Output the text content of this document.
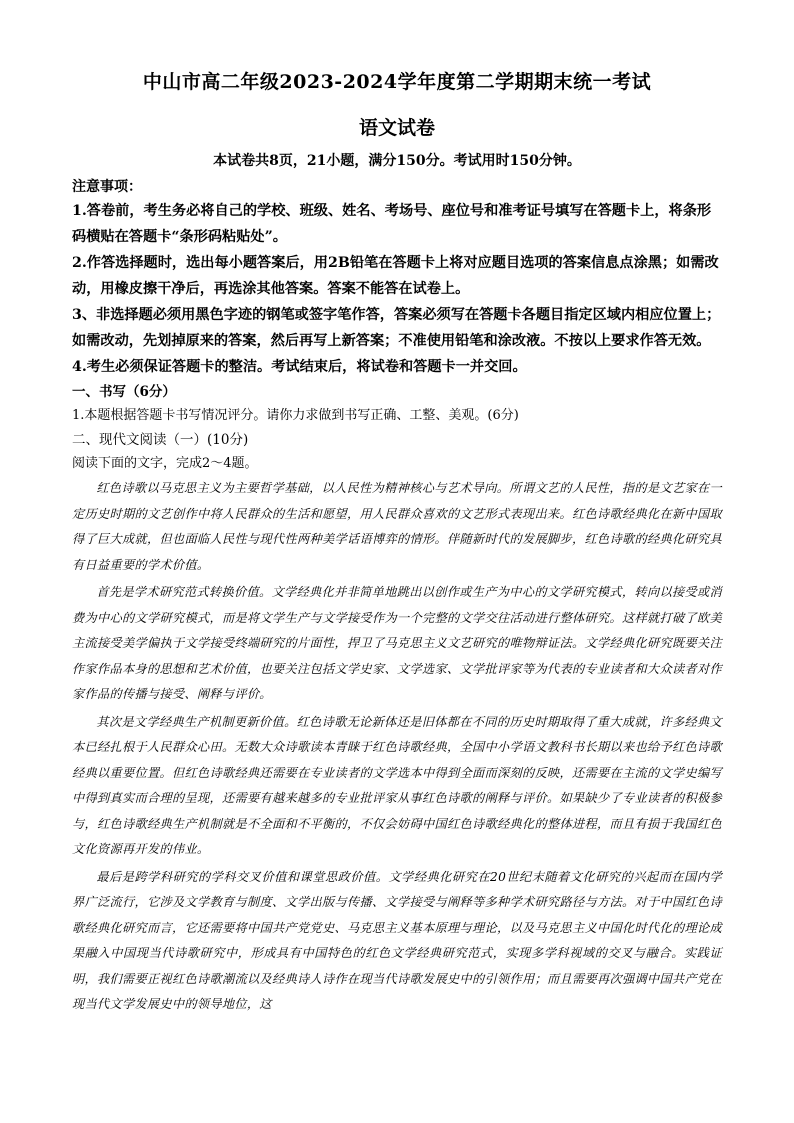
中山市高二年级2023-2024学年度第二学期期末统一考试
语文试卷
本试卷共8页，21小题，满分150分。考试用时150分钟。
注意事项：

1.答卷前，考生务必将自己的学校、班级、姓名、考场号、座位号和准考证号填写在答题卡上，将条形码横贴在答题卡“条形码粘贴处”。

2.作答选择题时，选出每小题答案后，用2B铅笔在答题卡上将对应题目选项的答案信息点涂黑；如需改动，用橡皮擦干净后，再选涂其他答案。答案不能答在试卷上。

3、非选择题必须用黑色字迹的钢笔或签字笔作答，答案必须写在答题卡各题目指定区域内相应位置上；如需改动，先划掉原来的答案，然后再写上新答案；不准使用铅笔和涂改液。不按以上要求作答无效。

4.考生必须保证答题卡的整洁。考试结束后，将试卷和答题卡一并交回。

一、书写（6分）

1.本题根据答题卡书写情况评分。请你力求做到书写正确、工整、美观。(6分)

二、现代文阅读（一）(10分)

阅读下面的文字，完成2～4题。

红色诗歌以马克思主义为主要哲学基础，以人民性为精神核心与艺术导向。所谓文艺的人民性，指的是文艺家在一定历史时期的文艺创作中将人民群众的生活和愿望，用人民群众喜欢的文艺形式表现出来。红色诗歌经典化在新中国取得了巨大成就，但也面临人民性与现代性两种美学话语博弈的情形。伴随新时代的发展脚步，红色诗歌的经典化研究具有日益重要的学术价值。

首先是学术研究范式转换价值。文学经典化并非简单地跳出以创作或生产为中心的文学研究模式，转向以接受或消费为中心的文学研究模式，而是将文学生产与文学接受作为一个完整的文学交往活动进行整体研究。这样就打破了欧美主流接受美学偏执于文学接受终端研究的片面性，捍卫了马克思主义文艺研究的唯物辩证法。文学经典化研究既要关注作家作品本身的思想和艺术价值，也要关注包括文学史家、文学选家、文学批评家等为代表的专业读者和大众读者对作家作品的传播与接受、阐释与评价。

其次是文学经典生产机制更新价值。红色诗歌无论新体还是旧体都在不同的历史时期取得了重大成就，许多经典文本已经扎根于人民群众心田。无数大众诗歌读本青睐于红色诗歌经典，全国中小学语文教科书长期以来也给予红色诗歌经典以重要位置。但红色诗歌经典还需要在专业读者的文学选本中得到全面而深刻的反映，还需要在主流的文学史编写中得到真实而合理的呈现，还需要有越来越多的专业批评家从事红色诗歌的阐释与评价。如果缺少了专业读者的积极参与，红色诗歌经典生产机制就是不全面和不平衡的，不仅会妨碍中国红色诗歌经典化的整体进程，而且有损于我国红色文化资源再开发的伟业。

最后是跨学科研究的学科交叉价值和课堂思政价值。文学经典化研究在20世纪末随着文化研究的兴起而在国内学界广泛流行，它涉及文学教育与制度、文学出版与传播、文学接受与阐释等多种学术研究路径与方法。对于中国红色诗歌经典化研究而言，它还需要将中国共产党党史、马克思主义基本原理与理论，以及马克思主义中国化时代化的理论成果融入中国现当代诗歌研究中，形成具有中国特色的红色文学经典研究范式，实现多学科视域的交叉与融合。实践证明，我们需要正视红色诗歌潮流以及经典诗人诗作在现当代诗歌发展史中的引领作用；而且需要再次强调中国共产党在现当代文学发展史中的领导地位，这
